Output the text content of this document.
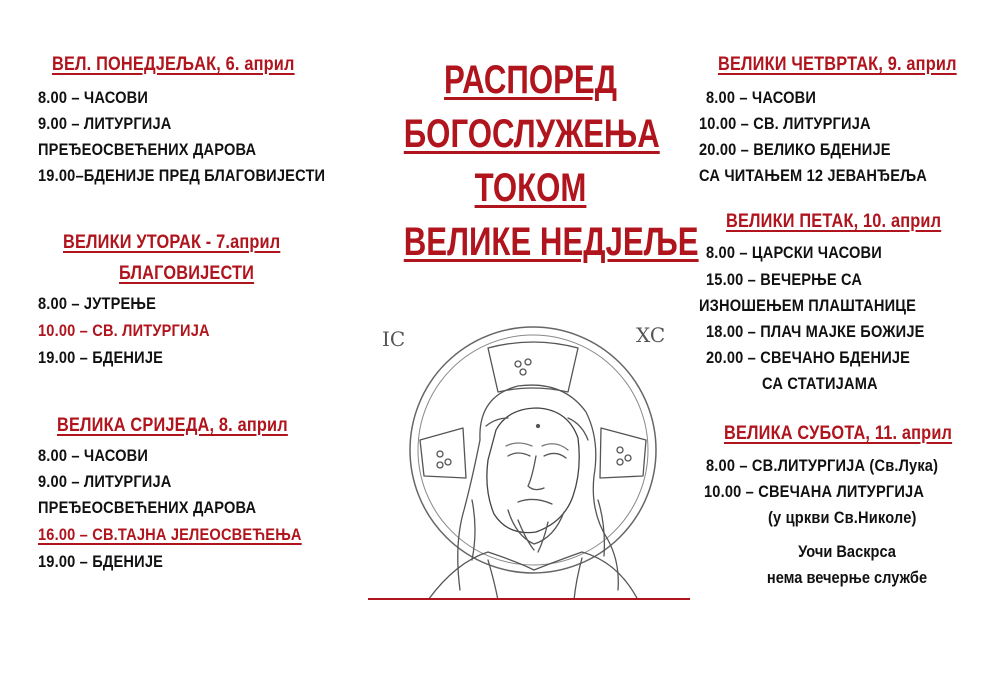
ВЕЛ. ПОНЕДЈЕЉАК, 6. април
8.00 – ЧАСОВИ
9.00 – ЛИТУРГИЈА
ПРЕЂЕОСВЕЋЕНИХ ДАРОВА
19.00–БДЕНИЈЕ ПРЕД БЛАГОВИЈЕСТИ
ВЕЛИКИ УТОРАК - 7.април
БЛАГОВИЈЕСТИ
8.00 – ЈУТРЕЊЕ
10.00 – СВ. ЛИТУРГИЈА
19.00 – БДЕНИЈЕ
ВЕЛИКА СРИЈЕДА, 8. април
8.00 – ЧАСОВИ
9.00 – ЛИТУРГИЈА
ПРЕЂЕОСВЕЋЕНИХ ДАРОВА
16.00 – СВ.ТАЈНА ЈЕЛЕОСВЕЋЕЊА
19.00 – БДЕНИЈЕ
РАСПОРЕД
БОГОСЛУЖЕЊА
ТОКОМ
ВЕЛИКЕ НЕДЈЕЉЕ
IC	XC
ВЕЛИКИ ЧЕТВРТАК, 9. април
8.00 – ЧАСОВИ
10.00 – СВ. ЛИТУРГИЈА
20.00 – ВЕЛИКО БДЕНИЈЕ
СА ЧИТАЊЕМ 12 ЈЕВАНЂЕЉА
ВЕЛИКИ ПЕТАК, 10. април
8.00 – ЦАРСКИ ЧАСОВИ
15.00 – ВЕЧЕРЊЕ СА
ИЗНОШЕЊЕМ ПЛАШТАНИЦЕ
18.00 – ПЛАЧ МАЈКЕ БОЖИЈЕ
20.00 – СВЕЧАНО БДЕНИЈЕ
СА СТАТИЈАМА
ВЕЛИКА СУБОТА, 11. април
8.00 – СВ.ЛИТУРГИЈА (Св.Лука)
10.00 – СВЕЧАНА ЛИТУРГИЈА
(у цркви Св.Николе)
Уочи Васкрса
нема вечерње службе
